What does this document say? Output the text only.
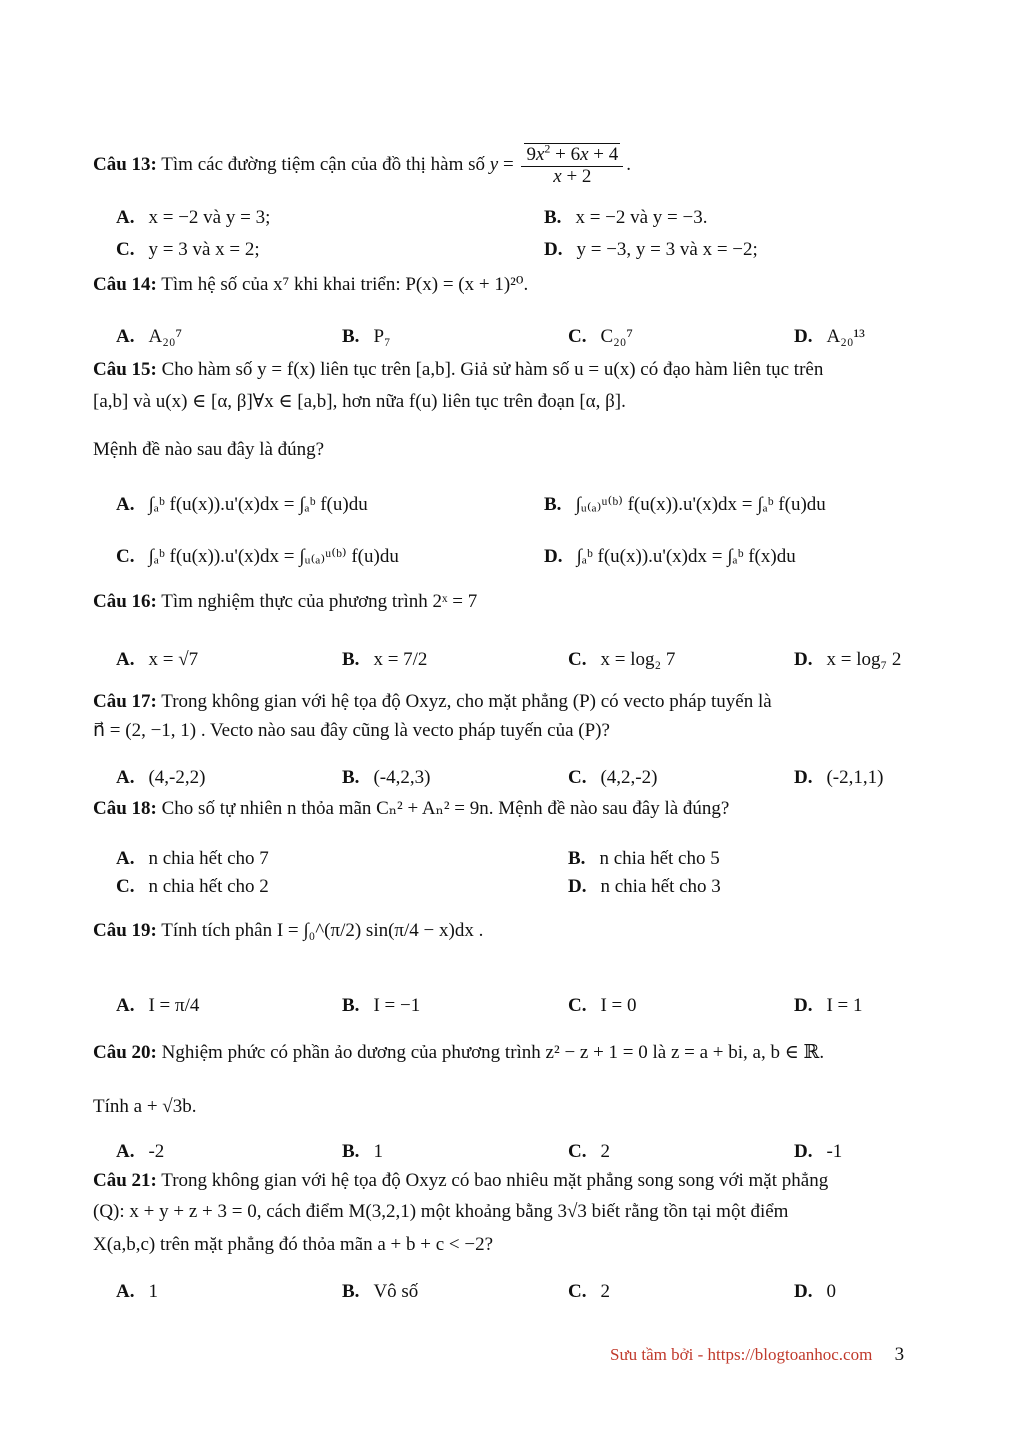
Câu 13: Tìm các đường tiệm cận của đồ thị hàm số $y = \frac{9x^2 + 6x + 4}{x + 2}$ .
A. x = −2 và y = 3;	B. x = −2 và y = −3.
C. y = 3 và x = 2;	D. y = −3, y = 3 và x = −2;
Câu 14: Tìm hệ số của x⁷ khi khai triển: P(x) = (x + 1)²⁰.
A. A₂₀⁷	B. P₇	C. C₂₀⁷	D. A₂₀¹³
Câu 15: Cho hàm số y = f(x) liên tục trên [a,b]. Giả sử hàm số u = u(x) có đạo hàm liên tục trên
[a,b] và u(x) ∈ [α, β]∀x ∈ [a,b], hơn nữa f(u) liên tục trên đoạn [α, β].
Mệnh đề nào sau đây là đúng?
A. ∫ₐᵇ f(u(x)).u'(x)dx = ∫ₐᵇ f(u)du	B. ∫ᵤ₍ₐ₎ᵘ⁽ᵇ⁾ f(u(x)).u'(x)dx = ∫ₐᵇ f(u)du
C. ∫ₐᵇ f(u(x)).u'(x)dx = ∫ᵤ₍ₐ₎ᵘ⁽ᵇ⁾ f(u)du	D. ∫ₐᵇ f(u(x)).u'(x)dx = ∫ₐᵇ f(x)du
Câu 16: Tìm nghiệm thực của phương trình 2ˣ = 7
A. x = √7	B. x = 7/2	C. x = log₂ 7	D. x = log₇ 2
Câu 17: Trong không gian với hệ tọa độ Oxyz, cho mặt phẳng (P) có vecto pháp tuyến là
n⃗ = (2, −1, 1) . Vecto nào sau đây cũng là vecto pháp tuyến của (P)?
A. (4,-2,2)	B. (-4,2,3)	C. (4,2,-2)	D. (-2,1,1)
Câu 18: Cho số tự nhiên n thỏa mãn Cₙ² + Aₙ² = 9n. Mệnh đề nào sau đây là đúng?
A. n chia hết cho 7	B. n chia hết cho 5
C. n chia hết cho 2	D. n chia hết cho 3
Câu 19: Tính tích phân I = ∫₀^(π/2) sin(π/4 − x)dx .
A. I = π/4	B. I = −1	C. I = 0	D. I = 1
Câu 20: Nghiệm phức có phần ảo dương của phương trình z² − z + 1 = 0 là z = a + bi, a, b ∈ ℝ.
Tính a + √3b.
A. -2	B. 1	C. 2	D. -1
Câu 21: Trong không gian với hệ tọa độ Oxyz có bao nhiêu mặt phẳng song song với mặt phẳng
(Q): x + y + z + 3 = 0, cách điểm M(3,2,1) một khoảng bằng 3√3 biết rằng tồn tại một điểm
X(a,b,c) trên mặt phẳng đó thỏa mãn a + b + c < −2?
A. 1	B. Vô số	C. 2	D. 0
Sưu tầm bởi - https://blogtoanhoc.com 3
